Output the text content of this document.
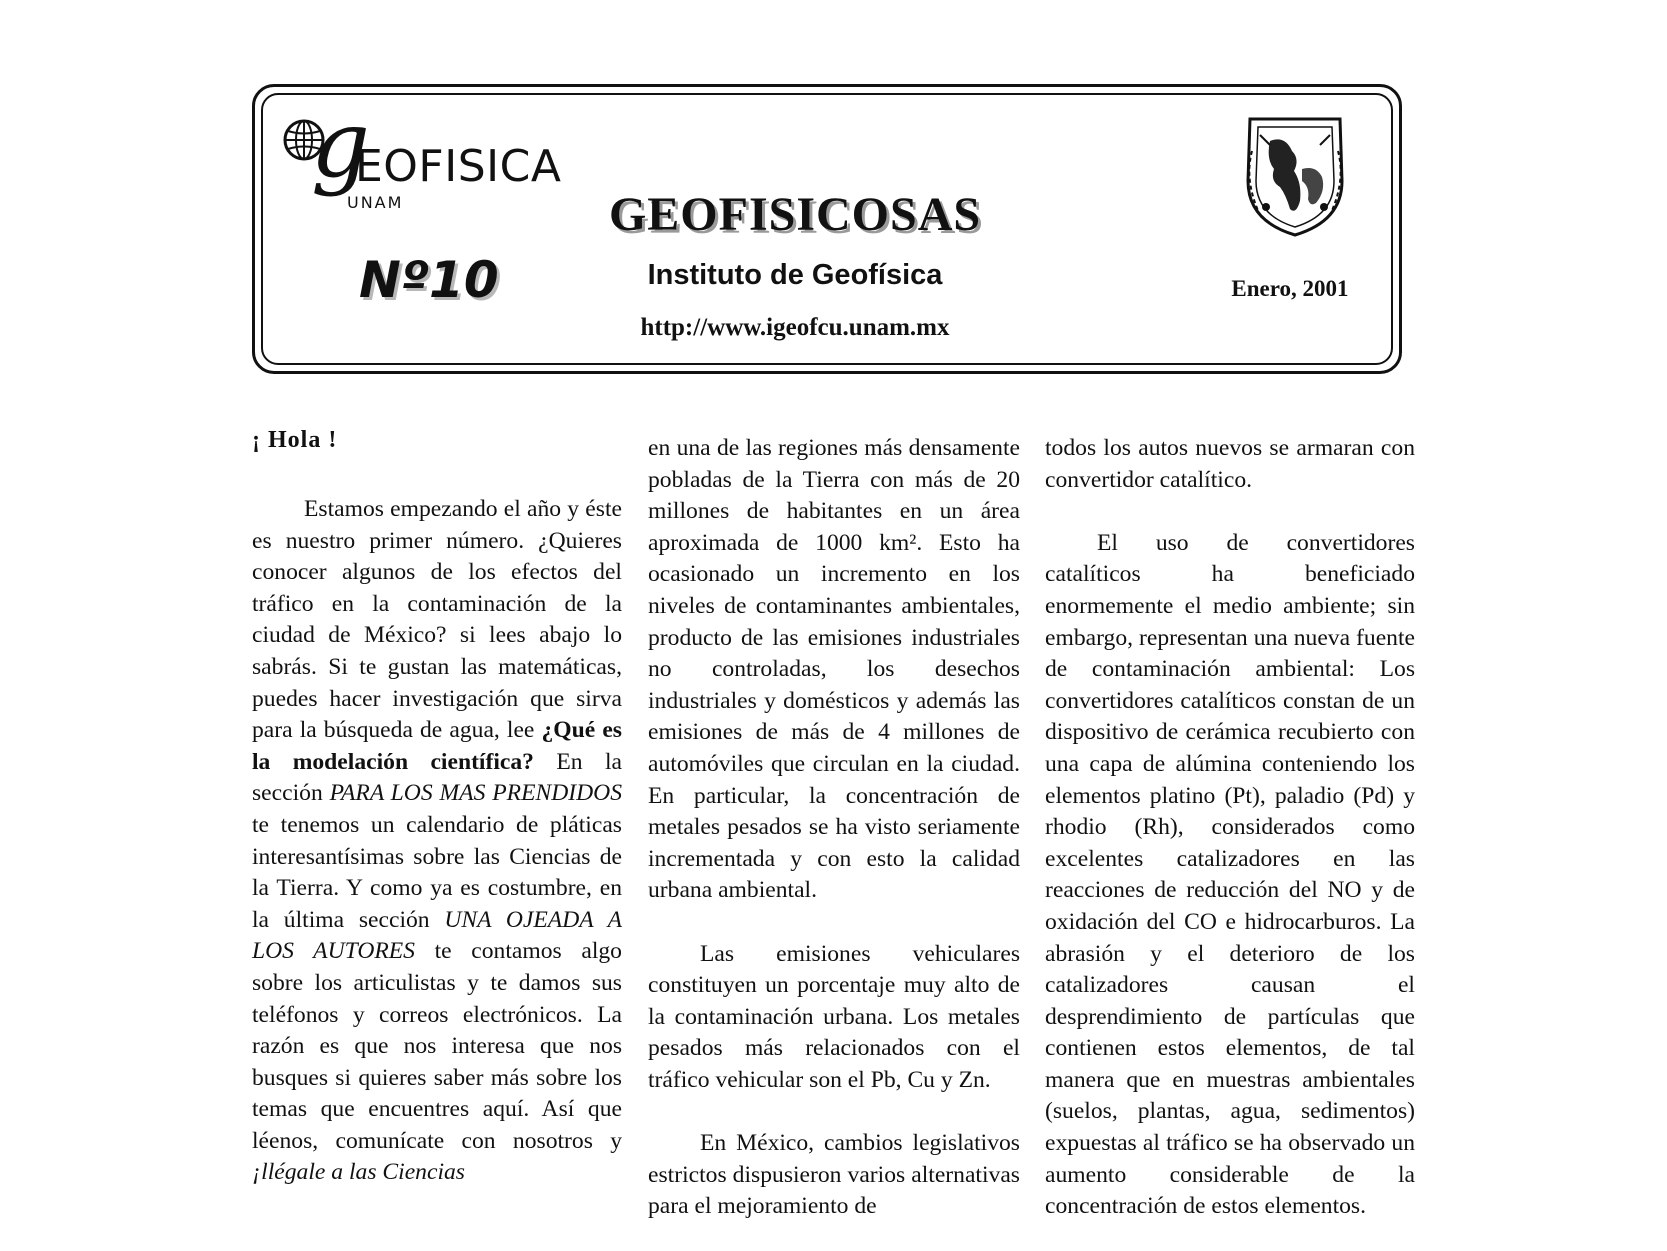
g
EOFISICA
UNAM
Nº10
GEOFISICOSAS
Instituto de Geofísica
http://www.igeofcu.unam.mx
Enero, 2001
¡ Hola !

Estamos empezando el año y éste es nuestro primer número. ¿Quieres conocer algunos de los efectos del tráfico en la contaminación de la ciudad de México? si lees abajo lo sabrás. Si te gustan las matemáticas, puedes hacer investigación que sirva para la búsqueda de agua, lee ¿Qué es la modelación científica? En la sección PARA LOS MAS PRENDIDOS te tenemos un calendario de pláticas interesantísimas sobre las Ciencias de la Tierra. Y como ya es costumbre, en la última sección UNA OJEADA A LOS AUTORES te contamos algo sobre los articulistas y te damos sus teléfonos y correos electrónicos. La razón es que nos interesa que nos busques si quieres saber más sobre los temas que encuentres aquí. Así que léenos, comunícate con nosotros y ¡llégale a las Ciencias

en una de las regiones más densamente pobladas de la Tierra con más de 20 millones de habitantes en un área aproximada de 1000 km². Esto ha ocasionado un incremento en los niveles de contaminantes ambientales, producto de las emisiones industriales no controladas, los desechos industriales y domésticos y además las emisiones de más de 4 millones de automóviles que circulan en la ciudad. En particular, la concentración de metales pesados se ha visto seriamente incrementada y con esto la calidad urbana ambiental.

Las emisiones vehiculares constituyen un porcentaje muy alto de la contaminación urbana. Los metales pesados más relacionados con el tráfico vehicular son el Pb, Cu y Zn.

En México, cambios legislativos estrictos dispusieron varios alternativas para el mejoramiento de

todos los autos nuevos se armaran con convertidor catalítico.

El uso de convertidores catalíticos ha beneficiado enormemente el medio ambiente; sin embargo, representan una nueva fuente de contaminación ambiental: Los convertidores catalíticos constan de un dispositivo de cerámica recubierto con una capa de alúmina conteniendo los elementos platino (Pt), paladio (Pd) y rhodio (Rh), considerados como excelentes catalizadores en las reacciones de reducción del NO y de oxidación del CO e hidrocarburos. La abrasión y el deterioro de los catalizadores causan el desprendimiento de partículas que contienen estos elementos, de tal manera que en muestras ambientales (suelos, plantas, agua, sedimentos) expuestas al tráfico se ha observado un aumento considerable de la concentración de estos elementos.
